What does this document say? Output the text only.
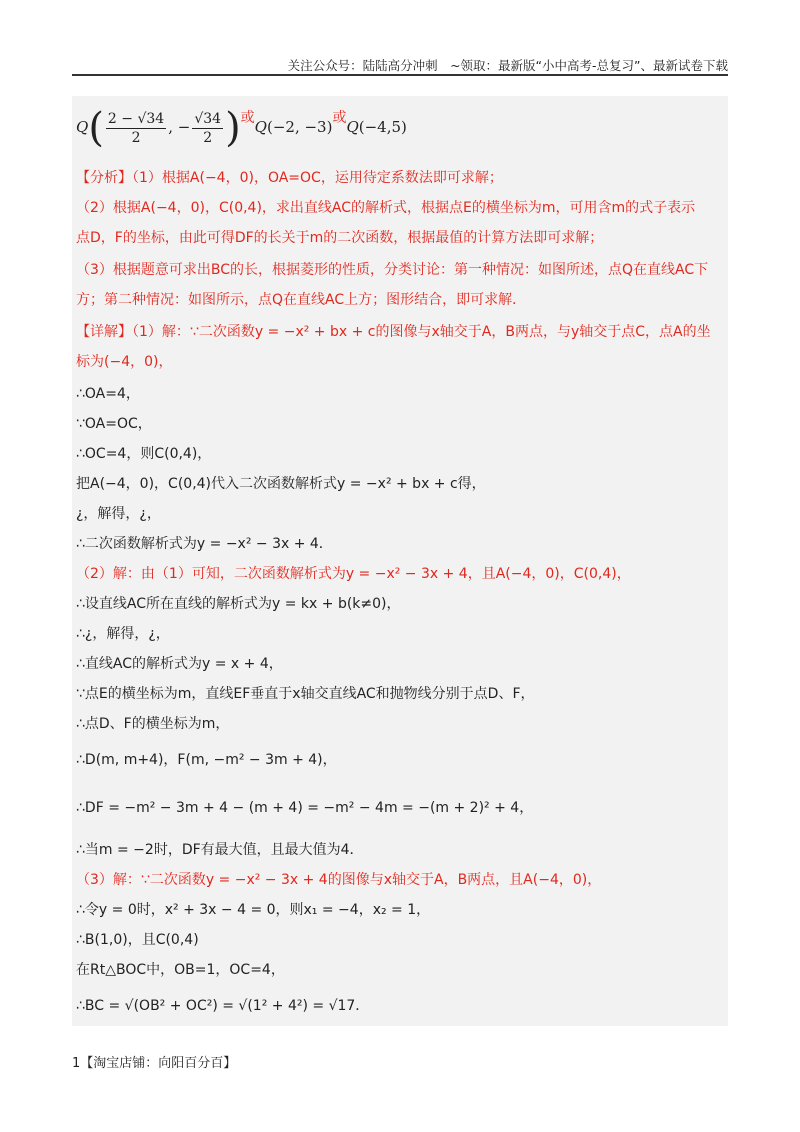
关注公众号：陆陆高分冲刺　~领取：最新版“小中高考-总复习”、最新试卷下载
$Q( \frac{2 - √34}{2}$ , − $\frac{√34}{2}$ )或Q(−2, −3)或Q(−4,5)
【分析】（1）根据A(−4，0)，OA=OC，运用待定系数法即可求解；
（2）根据A(−4，0)，C(0,4)，求出直线AC的解析式，根据点E的横坐标为m，可用含m的式子表示
点D，F的坐标，由此可得DF的长关于m的二次函数，根据最值的计算方法即可求解；
（3）根据题意可求出BC的长，根据菱形的性质，分类讨论：第一种情况：如图所述，点Q在直线AC下
方；第二种情况：如图所示，点Q在直线AC上方；图形结合，即可求解．
【详解】（1）解：∵二次函数y = −x² + bx + c的图像与x轴交于A，B两点，与y轴交于点C，点A的坐
标为(−4，0)，
∴OA=4，
∵OA=OC，
∴OC=4，则C(0,4)，
把A(−4，0)，C(0,4)代入二次函数解析式y = −x² + bx + c得，
¿，解得，¿，
∴二次函数解析式为y = −x² − 3x + 4．
（2）解：由（1）可知，二次函数解析式为y = −x² − 3x + 4，且A(−4，0)，C(0,4)，
∴设直线AC所在直线的解析式为y = kx + b(k≠0)，
∴¿，解得，¿，
∴直线AC的解析式为y = x + 4，
∵点E的横坐标为m，直线EF垂直于x轴交直线AC和抛物线分别于点D、F，
∴点D、F的横坐标为m，
∴D(m, m+4)，F(m, −m² − 3m + 4)，
∴DF = −m² − 3m + 4 − (m + 4) = −m² − 4m = −(m + 2)² + 4，
∴当m = −2时，DF有最大值，且最大值为4．
（3）解：∵二次函数y = −x² − 3x + 4的图像与x轴交于A，B两点，且A(−4，0)，
∴令y = 0时，x² + 3x − 4 = 0，则x₁ = −4，x₂ = 1，
∴B(1,0)，且C(0,4)
在Rt△BOC中，OB=1，OC=4，
∴BC = √(OB² + OC²) = √(1² + 4²) = √17．
1【淘宝店铺：向阳百分百】
